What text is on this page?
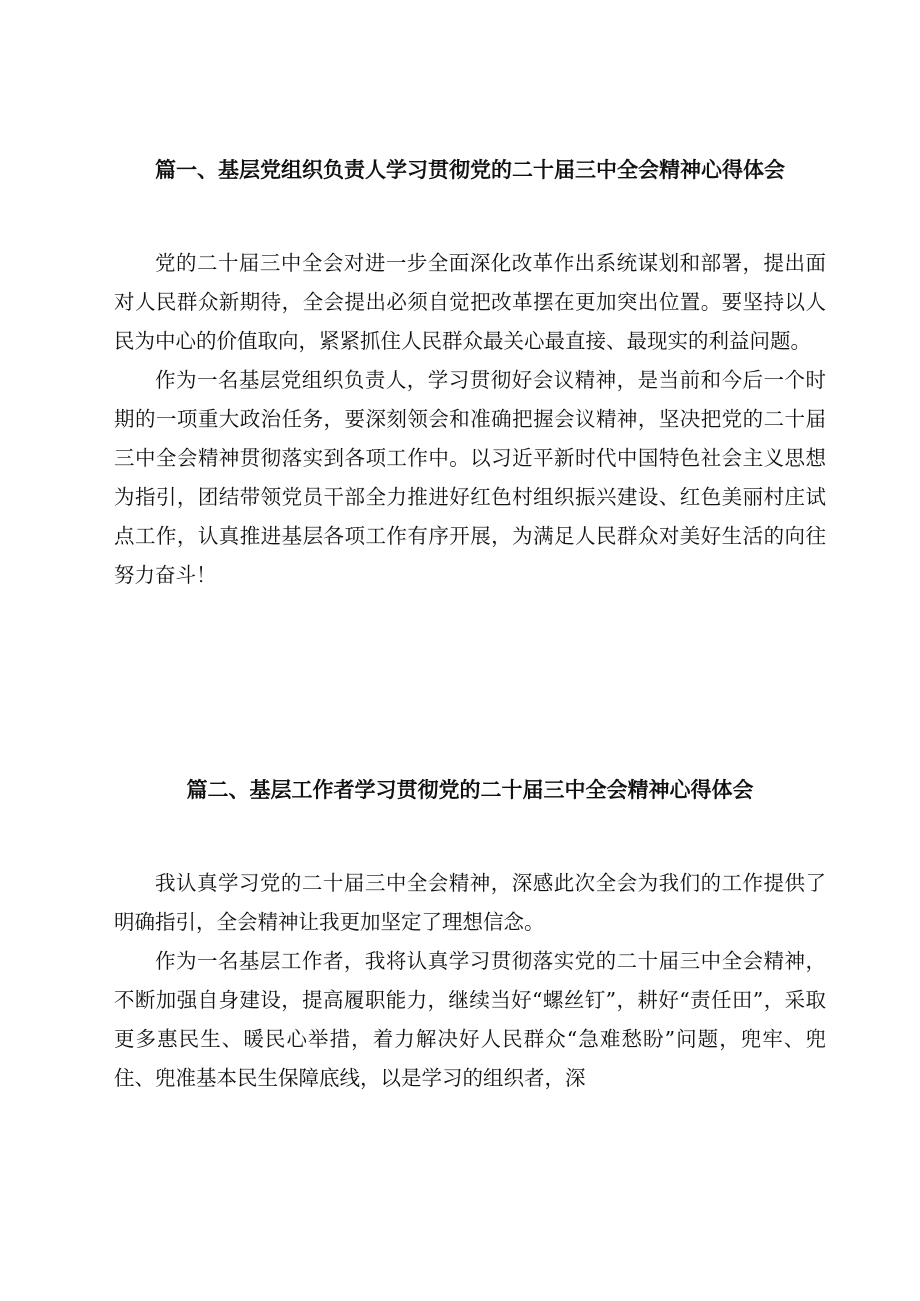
篇一、基层党组织负责人学习贯彻党的二十届三中全会精神心得体会

党的二十届三中全会对进一步全面深化改革作出系统谋划和部署，提出面对人民群众新期待，全会提出必须自觉把改革摆在更加突出位置。要坚持以人民为中心的价值取向，紧紧抓住人民群众最关心最直接、最现实的利益问题。

作为一名基层党组织负责人，学习贯彻好会议精神，是当前和今后一个时期的一项重大政治任务，要深刻领会和准确把握会议精神，坚决把党的二十届三中全会精神贯彻落实到各项工作中。以习近平新时代中国特色社会主义思想为指引，团结带领党员干部全力推进好红色村组织振兴建设、红色美丽村庄试点工作，认真推进基层各项工作有序开展，为满足人民群众对美好生活的向往努力奋斗！

篇二、基层工作者学习贯彻党的二十届三中全会精神心得体会

我认真学习党的二十届三中全会精神，深感此次全会为我们的工作提供了明确指引，全会精神让我更加坚定了理想信念。

作为一名基层工作者，我将认真学习贯彻落实党的二十届三中全会精神，不断加强自身建设，提高履职能力，继续当好“螺丝钉”，耕好“责任田”，采取更多惠民生、暖民心举措，着力解决好人民群众“急难愁盼”问题，兜牢、兜住、兜准基本民生保障底线，以是学习的组织者，深
